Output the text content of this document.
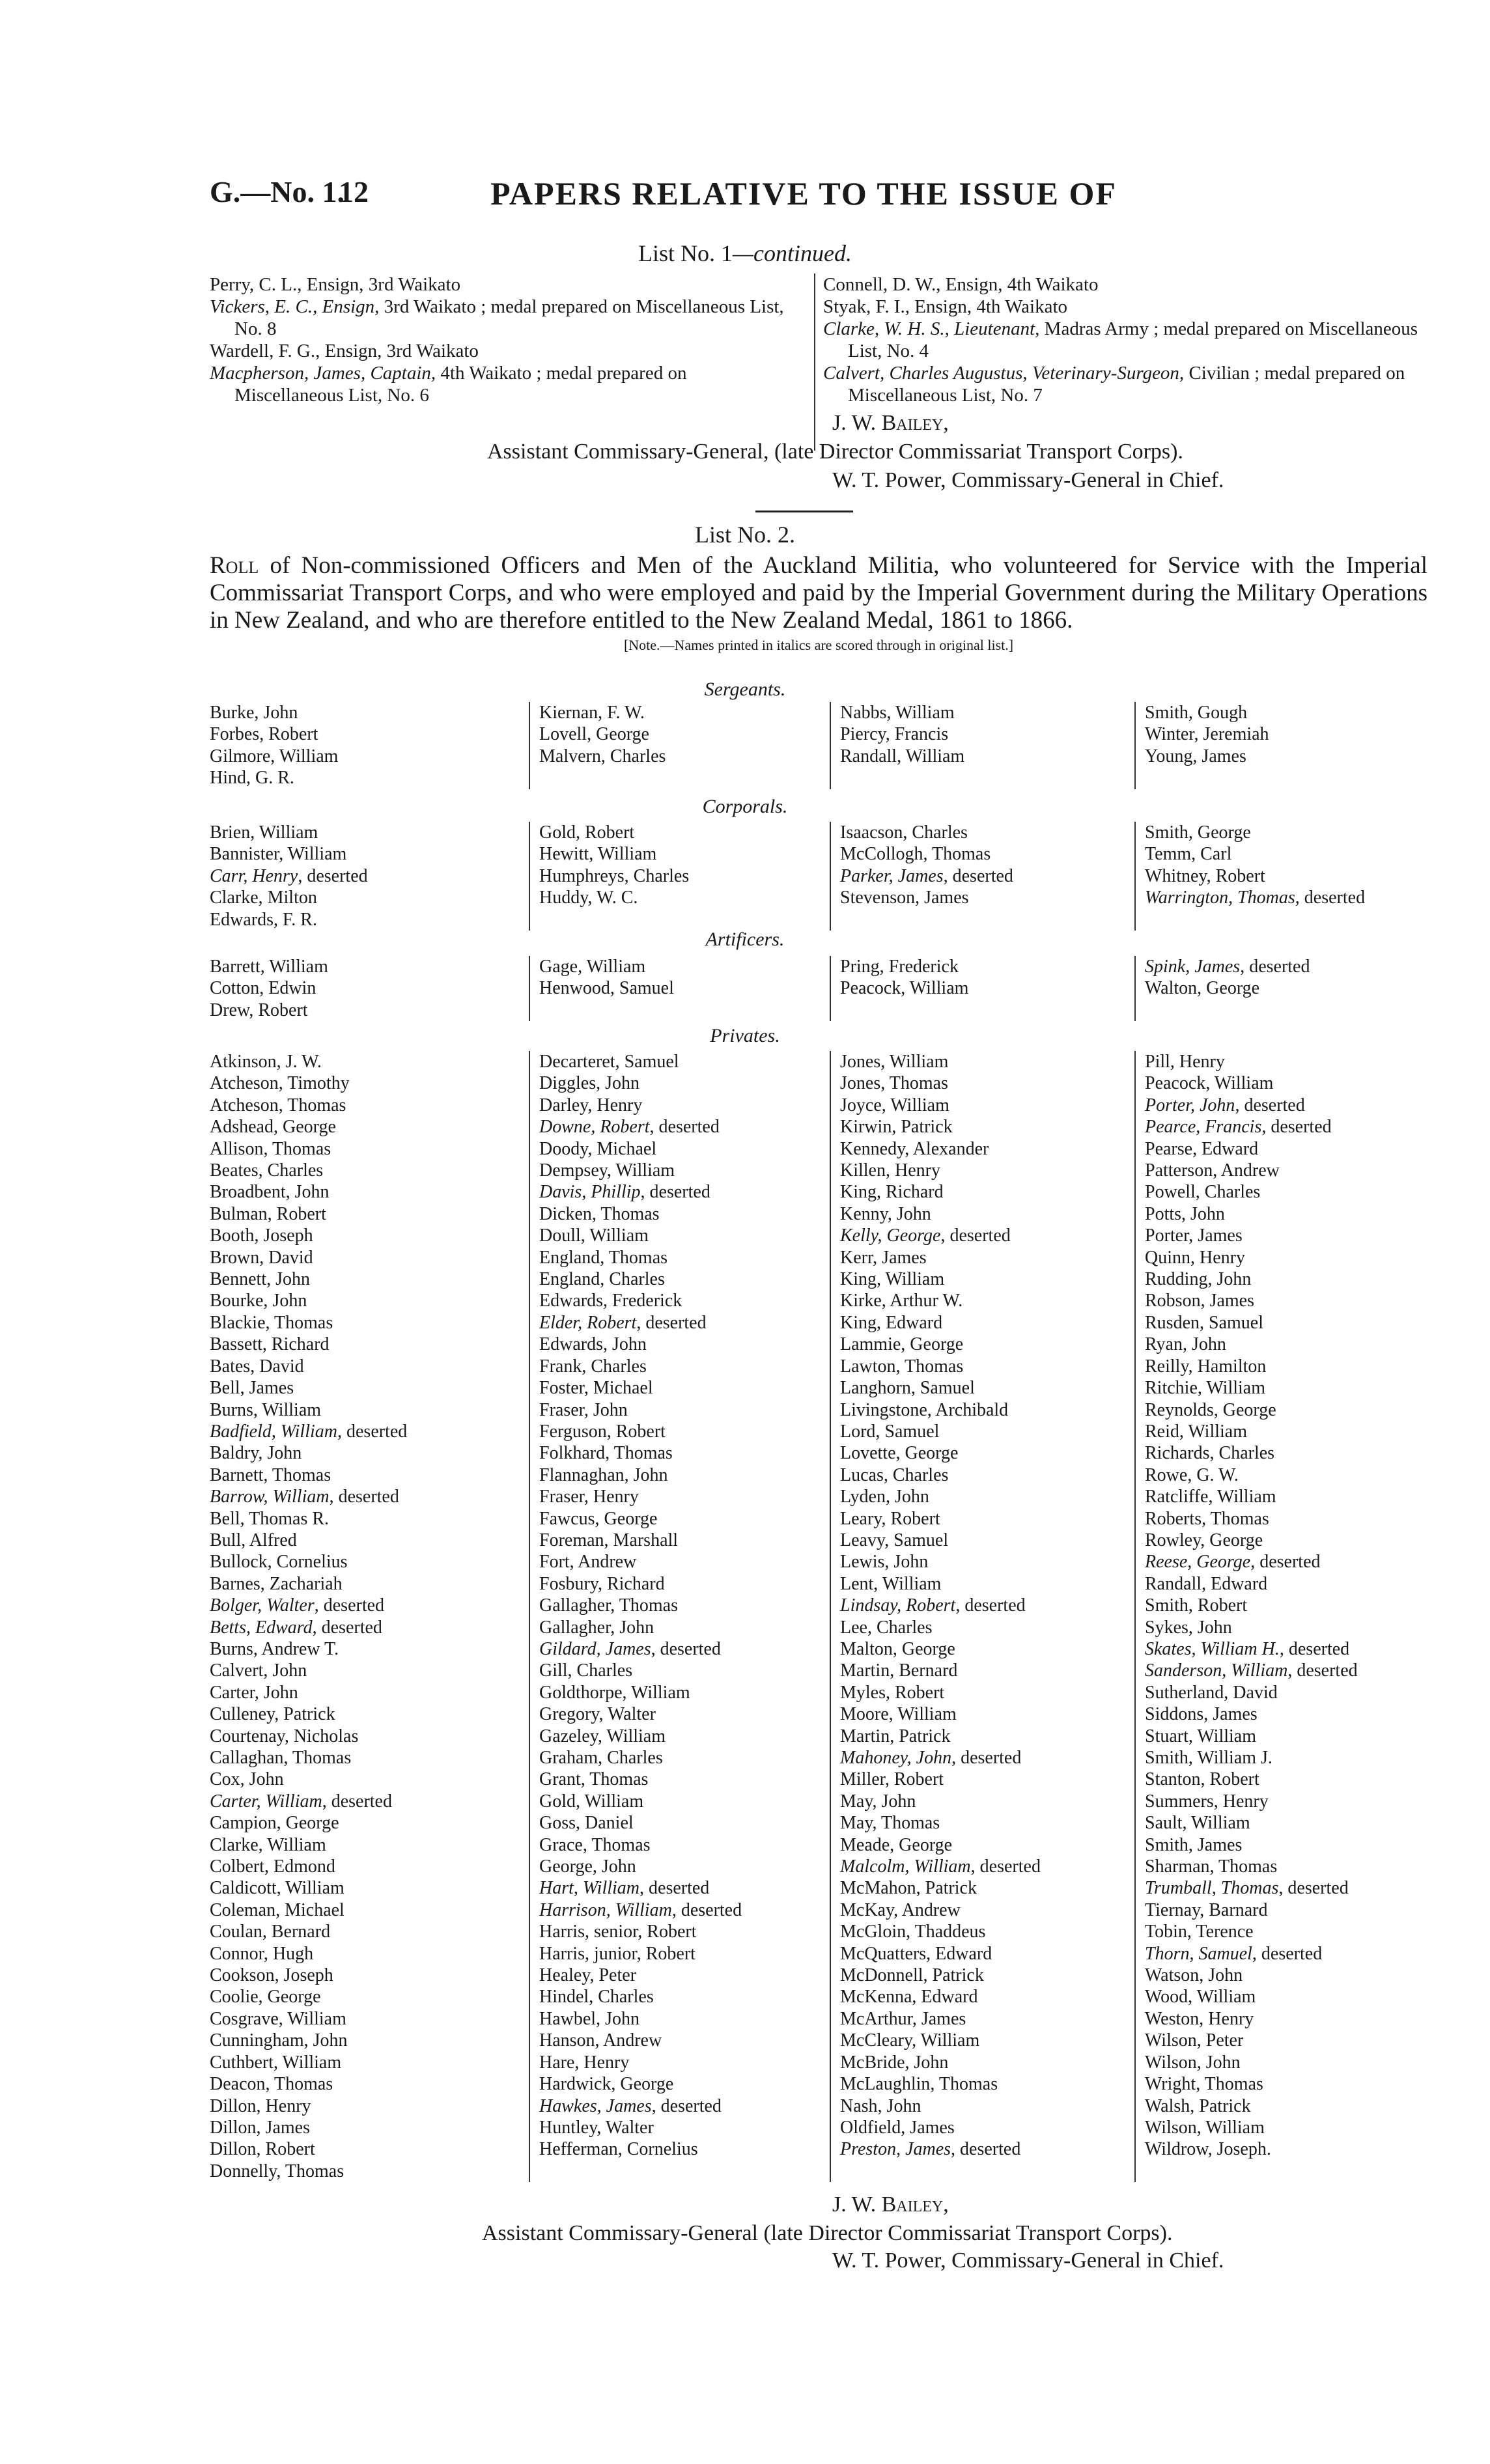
G.—No. 1.
12	PAPERS RELATIVE TO THE ISSUE OF
List No. 1—continued.
Perry, C. L., Ensign, 3rd Waikato
Vickers, E. C., Ensign, 3rd Waikato ; medal prepared on Miscellaneous List, No. 8
Wardell, F. G., Ensign, 3rd Waikato
Macpherson, James, Captain, 4th Waikato ; medal prepared on Miscellaneous List, No. 6
Connell, D. W., Ensign, 4th Waikato
Styak, F. I., Ensign, 4th Waikato
Clarke, W. H. S., Lieutenant, Madras Army ; medal prepared on Miscellaneous List, No. 4
Calvert, Charles Augustus, Veterinary-Surgeon, Civilian ; medal prepared on Miscellaneous List, No. 7
J. W. Bailey,
Assistant Commissary-General, (late Director Commissariat Transport Corps).
W. T. Power, Commissary-General in Chief.
List No. 2.
Roll of Non-commissioned Officers and Men of the Auckland Militia, who volunteered for Service with the Imperial Commissariat Transport Corps, and who were employed and paid by the Imperial Government during the Military Operations in New Zealand, and who are therefore entitled to the New Zealand Medal, 1861 to 1866.
[Note.—Names printed in italics are scored through in original list.]
Sergeants.
Burke, John
Forbes, Robert
Gilmore, William
Hind, G. R.
Kiernan, F. W.
Lovell, George
Malvern, Charles
Nabbs, William
Piercy, Francis
Randall, William
Smith, Gough
Winter, Jeremiah
Young, James
Corporals.
Brien, William
Bannister, William
Carr, Henry, deserted
Clarke, Milton
Edwards, F. R.
Gold, Robert
Hewitt, William
Humphreys, Charles
Huddy, W. C.
Isaacson, Charles
McCollogh, Thomas
Parker, James, deserted
Stevenson, James
Smith, George
Temm, Carl
Whitney, Robert
Warrington, Thomas, deserted
Artificers.
Barrett, William
Cotton, Edwin
Drew, Robert
Gage, William
Henwood, Samuel
Pring, Frederick
Peacock, William
Spink, James, deserted
Walton, George
Privates.
Atkinson, J. W.
Atcheson, Timothy
Atcheson, Thomas
Adshead, George
Allison, Thomas
Beates, Charles
Broadbent, John
Bulman, Robert
Booth, Joseph
Brown, David
Bennett, John
Bourke, John
Blackie, Thomas
Bassett, Richard
Bates, David
Bell, James
Burns, William
Badfield, William, deserted
Baldry, John
Barnett, Thomas
Barrow, William, deserted
Bell, Thomas R.
Bull, Alfred
Bullock, Cornelius
Barnes, Zachariah
Bolger, Walter, deserted
Betts, Edward, deserted
Burns, Andrew T.
Calvert, John
Carter, John
Culleney, Patrick
Courtenay, Nicholas
Callaghan, Thomas
Cox, John
Carter, William, deserted
Campion, George
Clarke, William
Colbert, Edmond
Caldicott, William
Coleman, Michael
Coulan, Bernard
Connor, Hugh
Cookson, Joseph
Coolie, George
Cosgrave, William
Cunningham, John
Cuthbert, William
Deacon, Thomas
Dillon, Henry
Dillon, James
Dillon, Robert
Donnelly, Thomas
Decarteret, Samuel
Diggles, John
Darley, Henry
Downe, Robert, deserted
Doody, Michael
Dempsey, William
Davis, Phillip, deserted
Dicken, Thomas
Doull, William
England, Thomas
England, Charles
Edwards, Frederick
Elder, Robert, deserted
Edwards, John
Frank, Charles
Foster, Michael
Fraser, John
Ferguson, Robert
Folkhard, Thomas
Flannaghan, John
Fraser, Henry
Fawcus, George
Foreman, Marshall
Fort, Andrew
Fosbury, Richard
Gallagher, Thomas
Gallagher, John
Gildard, James, deserted
Gill, Charles
Goldthorpe, William
Gregory, Walter
Gazeley, William
Graham, Charles
Grant, Thomas
Gold, William
Goss, Daniel
Grace, Thomas
George, John
Hart, William, deserted
Harrison, William, deserted
Harris, senior, Robert
Harris, junior, Robert
Healey, Peter
Hindel, Charles
Hawbel, John
Hanson, Andrew
Hare, Henry
Hardwick, George
Hawkes, James, deserted
Huntley, Walter
Hefferman, Cornelius
Jones, William
Jones, Thomas
Joyce, William
Kirwin, Patrick
Kennedy, Alexander
Killen, Henry
King, Richard
Kenny, John
Kelly, George, deserted
Kerr, James
King, William
Kirke, Arthur W.
King, Edward
Lammie, George
Lawton, Thomas
Langhorn, Samuel
Livingstone, Archibald
Lord, Samuel
Lovette, George
Lucas, Charles
Lyden, John
Leary, Robert
Leavy, Samuel
Lewis, John
Lent, William
Lindsay, Robert, deserted
Lee, Charles
Malton, George
Martin, Bernard
Myles, Robert
Moore, William
Martin, Patrick
Mahoney, John, deserted
Miller, Robert
May, John
May, Thomas
Meade, George
Malcolm, William, deserted
McMahon, Patrick
McKay, Andrew
McGloin, Thaddeus
McQuatters, Edward
McDonnell, Patrick
McKenna, Edward
McArthur, James
McCleary, William
McBride, John
McLaughlin, Thomas
Nash, John
Oldfield, James
Preston, James, deserted
Pill, Henry
Peacock, William
Porter, John, deserted
Pearce, Francis, deserted
Pearse, Edward
Patterson, Andrew
Powell, Charles
Potts, John
Porter, James
Quinn, Henry
Rudding, John
Robson, James
Rusden, Samuel
Ryan, John
Reilly, Hamilton
Ritchie, William
Reynolds, George
Reid, William
Richards, Charles
Rowe, G. W.
Ratcliffe, William
Roberts, Thomas
Rowley, George
Reese, George, deserted
Randall, Edward
Smith, Robert
Sykes, John
Skates, William H., deserted
Sanderson, William, deserted
Sutherland, David
Siddons, James
Stuart, William
Smith, William J.
Stanton, Robert
Summers, Henry
Sault, William
Smith, James
Sharman, Thomas
Trumball, Thomas, deserted
Tiernay, Barnard
Tobin, Terence
Thorn, Samuel, deserted
Watson, John
Wood, William
Weston, Henry
Wilson, Peter
Wilson, John
Wright, Thomas
Walsh, Patrick
Wilson, William
Wildrow, Joseph.
J. W. Bailey,
Assistant Commissary-General (late Director Commissariat Transport Corps).
W. T. Power, Commissary-General in Chief.
